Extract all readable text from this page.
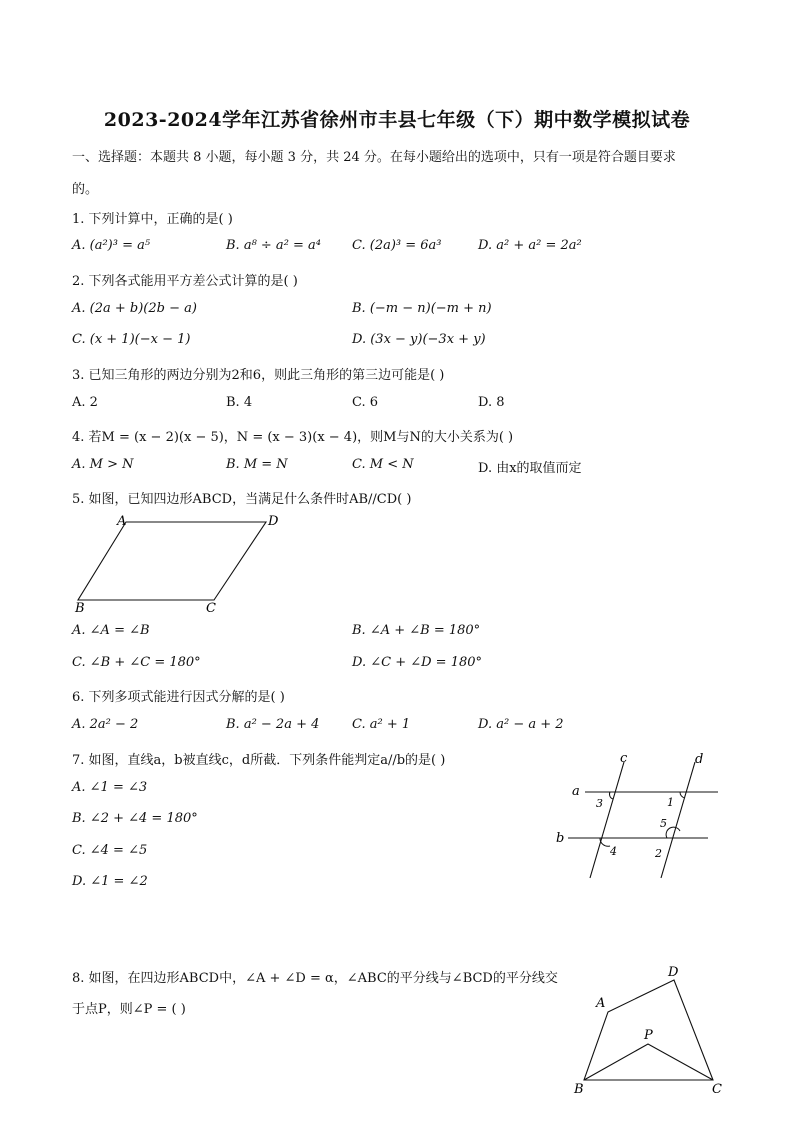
2023-2024学年江苏省徐州市丰县七年级（下）期中数学模拟试卷
一、选择题：本题共 8 小题，每小题 3 分，共 24 分。在每小题给出的选项中，只有一项是符合题目要求
的。
1. 下列计算中，正确的是( )
A. (a²)³ = a⁵	B. a⁸ ÷ a² = a⁴ C. (2a)³ = 6a³	D. a² + a² = 2a²
2. 下列各式能用平方差公式计算的是( )
A. (2a + b)(2b − a)	B. (−m − n)(−m + n)
C. (x + 1)(−x − 1)	D. (3x − y)(−3x + y)
3. 已知三角形的两边分别为2和6，则此三角形的第三边可能是( )
A. 2	B. 4	C. 6	D. 8
4. 若M = (x − 2)(x − 5)，N = (x − 3)(x − 4)，则M与N的大小关系为( )
A. M > N	B. M = N	C. M < N	D. 由x的取值而定
5. 如图，已知四边形ABCD，当满足什么条件时AB//CD( )
A	D
B	C
A. ∠A = ∠B	B. ∠A + ∠B = 180°
C. ∠B + ∠C = 180°	D. ∠C + ∠D = 180°
6. 下列多项式能进行因式分解的是( )
A. 2a² − 2	B. a² − 2a + 4	C. a² + 1	D. a² − a + 2
7. 如图，直线a，b被直线c，d所截．下列条件能判定a//b的是( )
A. ∠1 = ∠3
B. ∠2 + ∠4 = 180°
C. ∠4 = ∠5
D. ∠1 = ∠2
c	d
a
b
3	1
5
4	2
8. 如图，在四边形ABCD中，∠A + ∠D = α，∠ABC的平分线与∠BCD的平分线交
于点P，则∠P = ( )	A
D
P
B	C
